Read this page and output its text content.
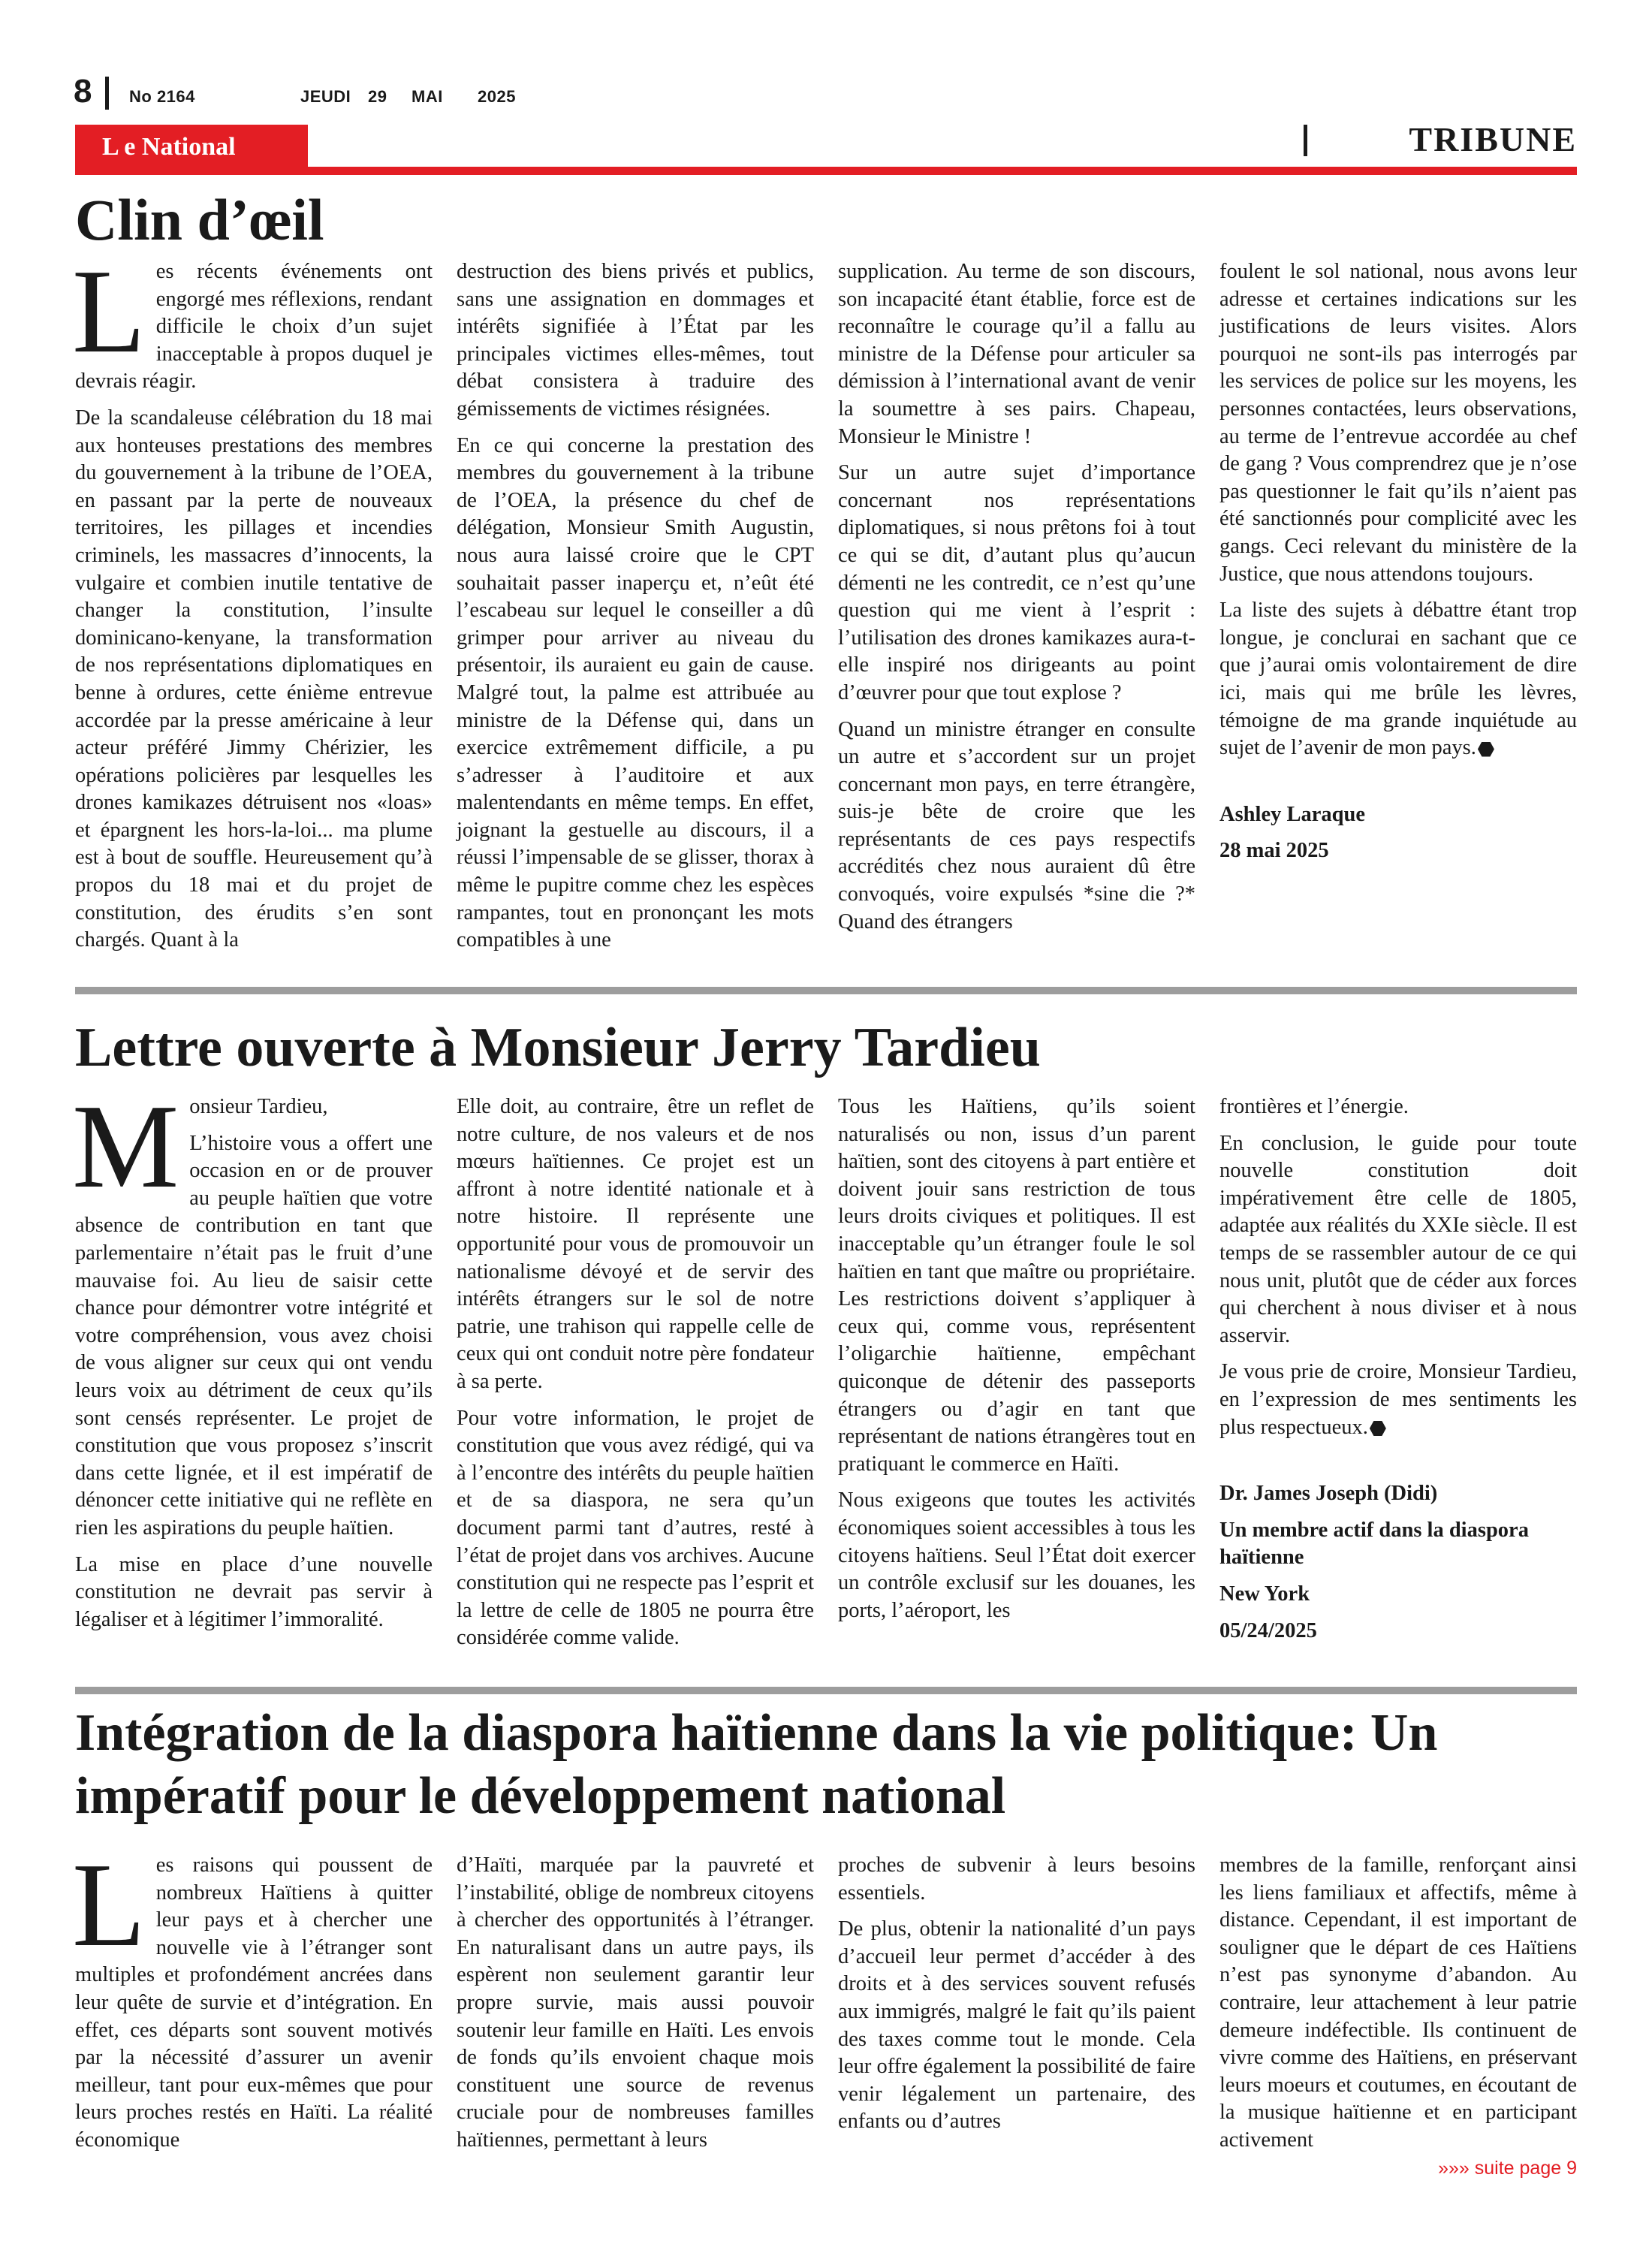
8 No 2164	JEUDI 29 MAI 2025
L e National	TRIBUNE
Clin d’œil
L es récents événements ont engorgé mes réflexions, rendant difficile le choix d’un sujet inacceptable à propos duquel je devrais réagir.

De la scandaleuse célébration du 18 mai aux honteuses prestations des membres du gouvernement à la tribune de l’OEA, en passant par la perte de nouveaux territoires, les pillages et incendies criminels, les massacres d’innocents, la vulgaire et combien inutile tentative de changer la constitution, l’insulte dominicano-kenyane, la transformation de nos représentations diplomatiques en benne à ordures, cette énième entrevue accordée par la presse américaine à leur acteur préféré Jimmy Chérizier, les opérations policières par lesquelles les drones kamikazes détruisent nos «loas» et épargnent les hors-la-loi... ma plume est à bout de souffle. Heureusement qu’à propos du 18 mai et du projet de constitution, des érudits s’en sont chargés. Quant à la

destruction des biens privés et publics, sans une assignation en dommages et intérêts signifiée à l’État par les principales victimes elles-mêmes, tout débat consistera à traduire des gémissements de victimes résignées.

En ce qui concerne la prestation des membres du gouvernement à la tribune de l’OEA, la présence du chef de délégation, Monsieur Smith Augustin, nous aura laissé croire que le CPT souhaitait passer inaperçu et, n’eût été l’escabeau sur lequel le conseiller a dû grimper pour arriver au niveau du présentoir, ils auraient eu gain de cause. Malgré tout, la palme est attribuée au ministre de la Défense qui, dans un exercice extrêmement difficile, a pu s’adresser à l’auditoire et aux malentendants en même temps. En effet, joignant la gestuelle au discours, il a réussi l’impensable de se glisser, thorax à même le pupitre comme chez les espèces rampantes, tout en prononçant les mots compatibles à une

supplication. Au terme de son discours, son incapacité étant établie, force est de reconnaître le courage qu’il a fallu au ministre de la Défense pour articuler sa démission à l’international avant de venir la soumettre à ses pairs. Chapeau, Monsieur le Ministre !

Sur un autre sujet d’importance concernant nos représentations diplomatiques, si nous prêtons foi à tout ce qui se dit, d’autant plus qu’aucun démenti ne les contredit, ce n’est qu’une question qui me vient à l’esprit : l’utilisation des drones kamikazes aura-t-elle inspiré nos dirigeants au point d’œuvrer pour que tout explose ?

Quand un ministre étranger en consulte un autre et s’accordent sur un projet concernant mon pays, en terre étrangère, suis-je bête de croire que les représentants de ces pays respectifs accrédités chez nous auraient dû être convoqués, voire expulsés *sine die ?* Quand des étrangers

foulent le sol national, nous avons leur adresse et certaines indications sur les justifications de leurs visites. Alors pourquoi ne sont-ils pas interrogés par les services de police sur les moyens, les personnes contactées, leurs observations, au terme de l’entrevue accordée au chef de gang ? Vous comprendrez que je n’ose pas questionner le fait qu’ils n’aient pas été sanctionnés pour complicité avec les gangs. Ceci relevant du ministère de la Justice, que nous attendons toujours.

La liste des sujets à débattre étant trop longue, je conclurai en sachant que ce que j’aurai omis volontairement de dire ici, mais qui me brûle les lèvres, témoigne de ma grande inquiétude au sujet de l’avenir de mon pays.

Ashley Laraque

28 mai 2025

Lettre ouverte à Monsieur Jerry Tardieu
M onsieur Tardieu,

L’histoire vous a offert une occasion en or de prouver au peuple haïtien que votre absence de contribution en tant que parlementaire n’était pas le fruit d’une mauvaise foi. Au lieu de saisir cette chance pour démontrer votre intégrité et votre compréhension, vous avez choisi de vous aligner sur ceux qui ont vendu leurs voix au détriment de ceux qu’ils sont censés représenter. Le projet de constitution que vous proposez s’inscrit dans cette lignée, et il est impératif de dénoncer cette initiative qui ne reflète en rien les aspirations du peuple haïtien.

La mise en place d’une nouvelle constitution ne devrait pas servir à légaliser et à légitimer l’immoralité.

Elle doit, au contraire, être un reflet de notre culture, de nos valeurs et de nos mœurs haïtiennes. Ce projet est un affront à notre identité nationale et à notre histoire. Il représente une opportunité pour vous de promouvoir un nationalisme dévoyé et de servir des intérêts étrangers sur le sol de notre patrie, une trahison qui rappelle celle de ceux qui ont conduit notre père fondateur à sa perte.

Pour votre information, le projet de constitution que vous avez rédigé, qui va à l’encontre des intérêts du peuple haïtien et de sa diaspora, ne sera qu’un document parmi tant d’autres, resté à l’état de projet dans vos archives. Aucune constitution qui ne respecte pas l’esprit et la lettre de celle de 1805 ne pourra être considérée comme valide.

Tous les Haïtiens, qu’ils soient naturalisés ou non, issus d’un parent haïtien, sont des citoyens à part entière et doivent jouir sans restriction de tous leurs droits civiques et politiques. Il est inacceptable qu’un étranger foule le sol haïtien en tant que maître ou propriétaire. Les restrictions doivent s’appliquer à ceux qui, comme vous, représentent l’oligarchie haïtienne, empêchant quiconque de détenir des passeports étrangers ou d’agir en tant que représentant de nations étrangères tout en pratiquant le commerce en Haïti.

Nous exigeons que toutes les activités économiques soient accessibles à tous les citoyens haïtiens. Seul l’État doit exercer un contrôle exclusif sur les douanes, les ports, l’aéroport, les

frontières et l’énergie.

En conclusion, le guide pour toute nouvelle constitution doit impérativement être celle de 1805, adaptée aux réalités du XXIe siècle. Il est temps de se rassembler autour de ce qui nous unit, plutôt que de céder aux forces qui cherchent à nous diviser et à nous asservir.

Je vous prie de croire, Monsieur Tardieu, en l’expression de mes sentiments les plus respectueux.

Dr. James Joseph (Didi)

Un membre actif dans la diaspora haïtienne

New York

05/24/2025

Intégration de la diaspora haïtienne dans la vie politique: Un impératif pour le développement national
L es raisons qui poussent de nombreux Haïtiens à quitter leur pays et à chercher une nouvelle vie à l’étranger sont multiples et profondément ancrées dans leur quête de survie et d’intégration. En effet, ces départs sont souvent motivés par la nécessité d’assurer un avenir meilleur, tant pour eux-mêmes que pour leurs proches restés en Haïti. La réalité économique

d’Haïti, marquée par la pauvreté et l’instabilité, oblige de nombreux citoyens à chercher des opportunités à l’étranger. En naturalisant dans un autre pays, ils espèrent non seulement garantir leur propre survie, mais aussi pouvoir soutenir leur famille en Haïti. Les envois de fonds qu’ils envoient chaque mois constituent une source de revenus cruciale pour de nombreuses familles haïtiennes, permettant à leurs

proches de subvenir à leurs besoins essentiels.

De plus, obtenir la nationalité d’un pays d’accueil leur permet d’accéder à des droits et à des services souvent refusés aux immigrés, malgré le fait qu’ils paient des taxes comme tout le monde. Cela leur offre également la possibilité de faire venir légalement un partenaire, des enfants ou d’autres

membres de la famille, renforçant ainsi les liens familiaux et affectifs, même à distance. Cependant, il est important de souligner que le départ de ces Haïtiens n’est pas synonyme d’abandon. Au contraire, leur attachement à leur patrie demeure indéfectible. Ils continuent de vivre comme des Haïtiens, en préservant leurs moeurs et coutumes, en écoutant de la musique haïtienne et en participant activement

»»» suite page 9
